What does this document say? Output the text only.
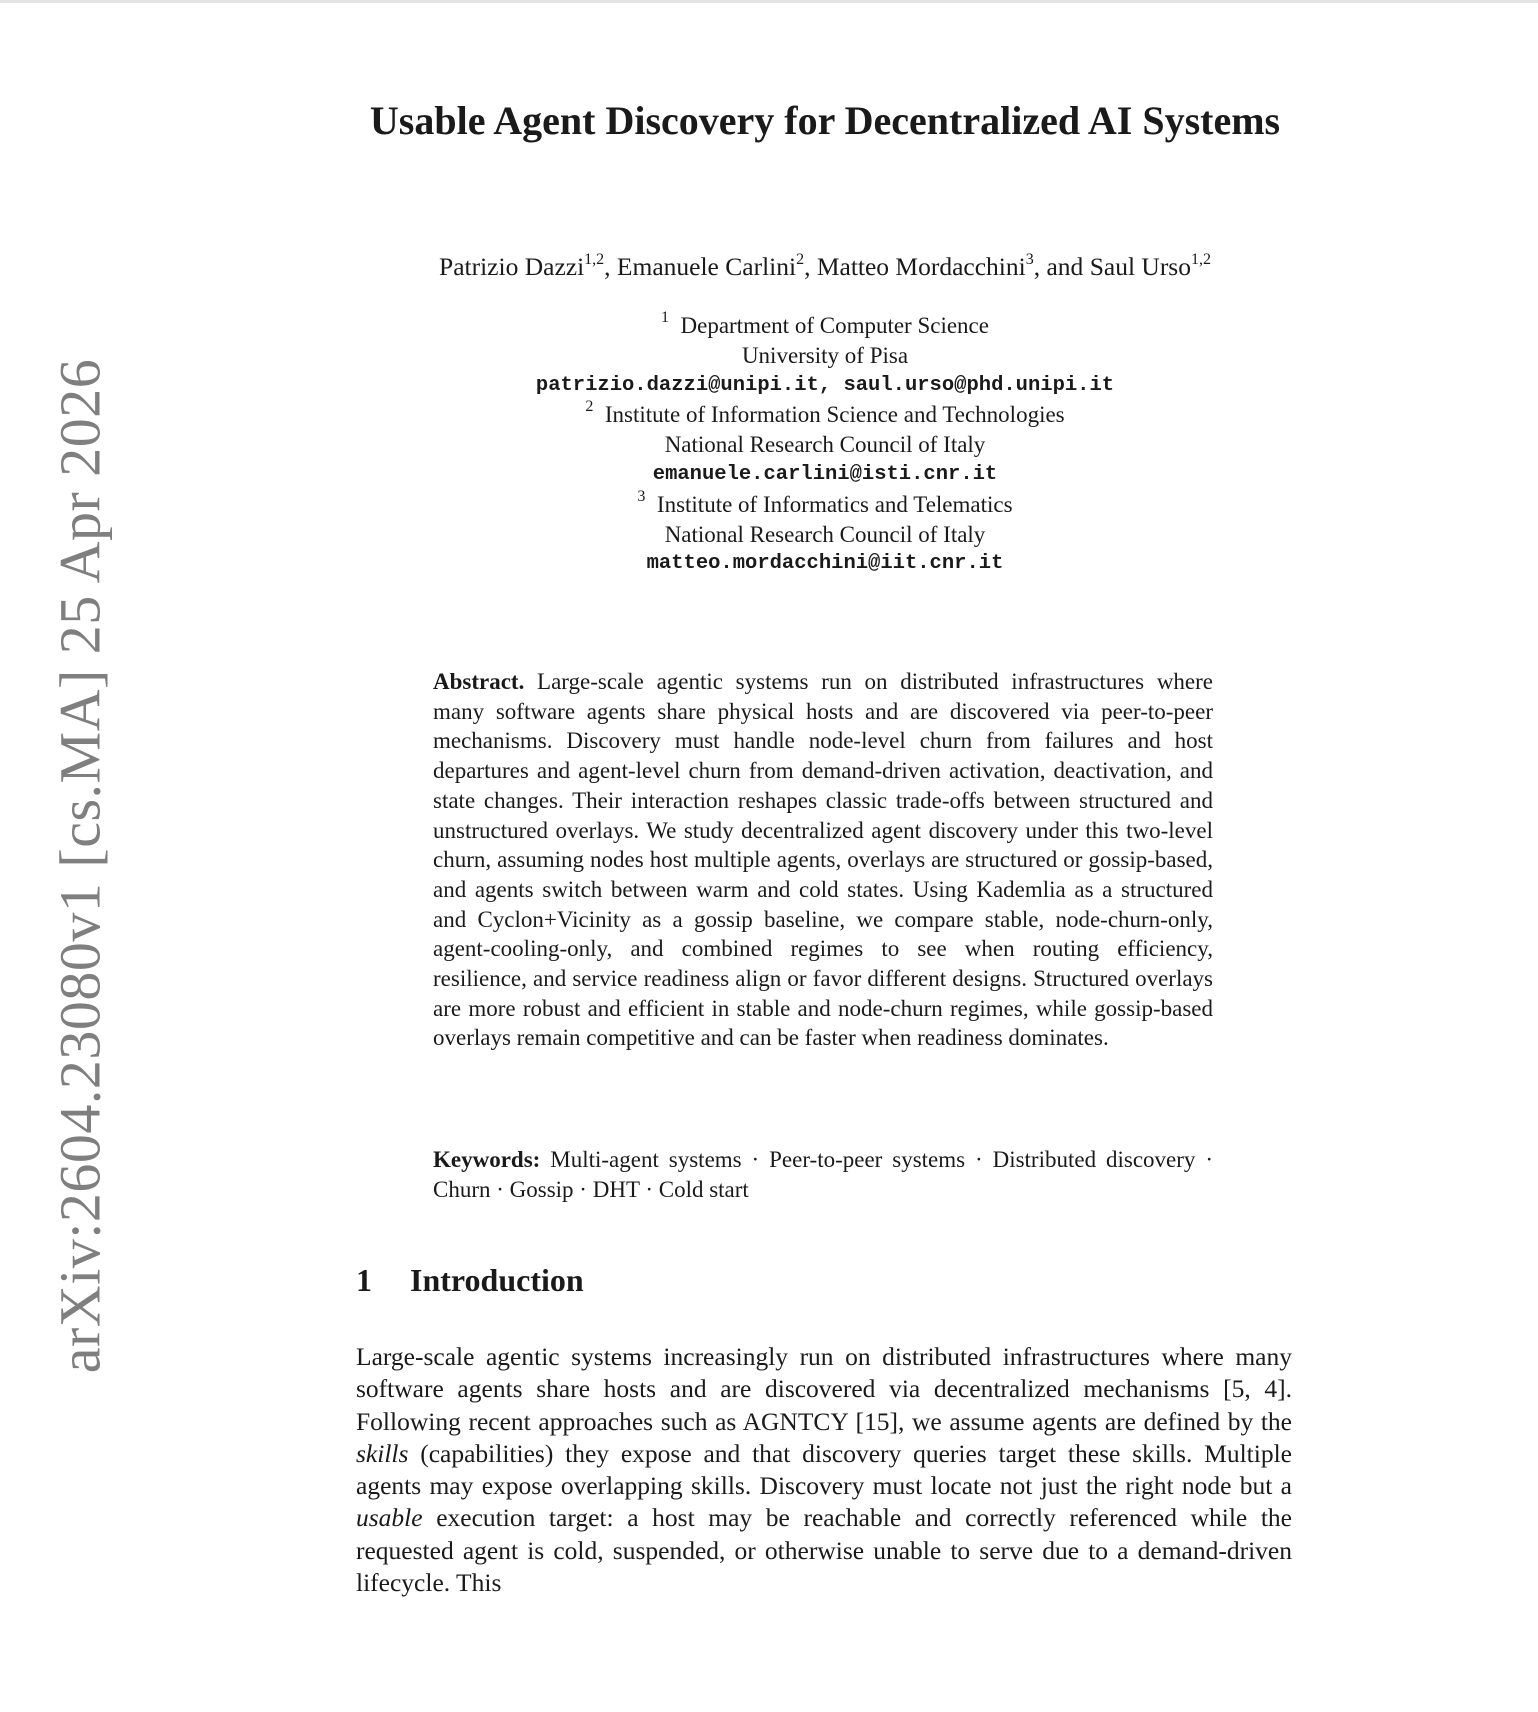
arXiv:2604.23080v1 [cs.MA] 25 Apr 2026
Usable Agent Discovery for Decentralized AI Systems
Patrizio Dazzi$^{1,2}$, Emanuele Carlini$^2$, Matteo Mordacchini$^3$, and Saul Urso$^{1,2}$
$^1$ Department of Computer Science
University of Pisa
patrizio.dazzi@unipi.it, saul.urso@phd.unipi.it
$^2$ Institute of Information Science and Technologies
National Research Council of Italy
emanuele.carlini@isti.cnr.it
$^3$ Institute of Informatics and Telematics
National Research Council of Italy
matteo.mordacchini@iit.cnr.it
Abstract. Large-scale agentic systems run on distributed infrastructures where many software agents share physical hosts and are discovered via peer-to-peer mechanisms. Discovery must handle node-level churn from failures and host departures and agent-level churn from demand-driven activation, deactivation, and state changes. Their interaction reshapes classic trade-offs between structured and unstructured overlays. We study decentralized agent discovery under this two-level churn, assuming nodes host multiple agents, overlays are structured or gossip-based, and agents switch between warm and cold states. Using Kademlia as a structured and Cyclon+Vicinity as a gossip baseline, we compare stable, node-churn-only, agent-cooling-only, and combined regimes to see when routing efficiency, resilience, and service readiness align or favor different designs. Structured overlays are more robust and efficient in stable and node-churn regimes, while gossip-based overlays remain competitive and can be faster when readiness dominates.
Keywords: Multi-agent systems · Peer-to-peer systems · Distributed discovery · Churn · Gossip · DHT · Cold start
1 Introduction
Large-scale agentic systems increasingly run on distributed infrastructures where many software agents share hosts and are discovered via decentralized mechanisms [5, 4]. Following recent approaches such as AGNTCY [15], we assume agents are defined by the skills (capabilities) they expose and that discovery queries target these skills. Multiple agents may expose overlapping skills. Discovery must locate not just the right node but a usable execution target: a host may be reachable and correctly referenced while the requested agent is cold, suspended, or otherwise unable to serve due to a demand-driven lifecycle. This
